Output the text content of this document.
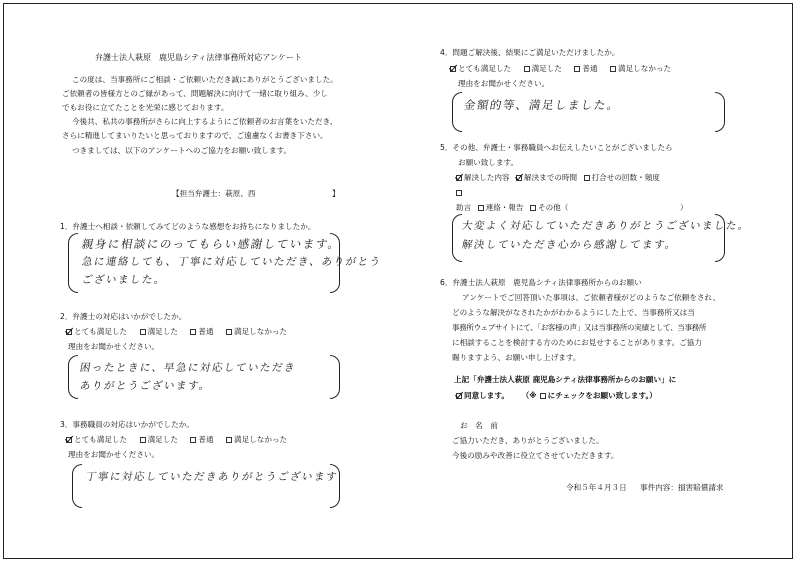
弁護士法人萩原　鹿児島シティ法律事務所対応アンケート
この度は、当事務所にご相談・ご依頼いただき誠にありがとうございました。
ご依頼者の皆様方とのご縁があって、問題解決に向けて一緒に取り組み、少し
でもお役に立てたことを光栄に感じております。
今後共、私共の事務所がさらに向上するようにご依頼者のお言葉をいただき、
さらに精進してまいりたいと思っておりますので、ご遠慮なくお書き下さい。
つきましては、以下のアンケートへのご協力をお願い致します。
【担当弁護士：萩原、西	】
1．弁護士へ相談・依頼してみてどのような感想をお持ちになりましたか。
親身に相談にのってもらい感謝しています。
急に連絡しても、丁寧に対応していただき、ありがとう
ございました。
2．弁護士の対応はいかがでしたか。
とても満足した	満足した	普通	満足しなかった
理由をお聞かせください。
困ったときに、早急に対応していただき
ありがとうございます。
3．事務職員の対応はいかがでしたか。
とても満足した	満足した	普通	満足しなかった
理由をお聞かせください。
丁寧に対応していただきありがとうございます
4．問題ご解決後、結果にご満足いただけましたか。
とても満足した	満足した	普通	満足しなかった
理由をお聞かせください。
金額的等、満足しました。
5．その他、弁護士・事務職員へお伝えしたいことがございましたら
お願い致します。
解決した内容 解決までの時間 打合せの回数・頻度
助言 連絡・報告 その他（	）
大変よく対応していただきありがとうございました。
解決していただき心から感謝してます。
6．弁護士法人萩原　鹿児島シティ法律事務所からのお願い
アンケートでご回答頂いた事項は、ご依頼者様がどのようなご依頼をされ、
どのような解決がなされたかがわかるようにした上で、当事務所又は当
事務所ウェブサイトにて、「お客様の声」又は当事務所の実績として、当事務所
に相談することを検討する方のためにお見せすることがあります。ご協力
賜りますよう、お願い申し上げます。
上記「弁護士法人萩原 鹿児島シティ法律事務所からのお願い」に
同意します。 （※ にチェックをお願い致します。）
お　名　前
ご協力いただき、ありがとうございました。
今後の励みや改善に役立てさせていただきます。
令和５年４月３日 事件内容：損害賠償請求
